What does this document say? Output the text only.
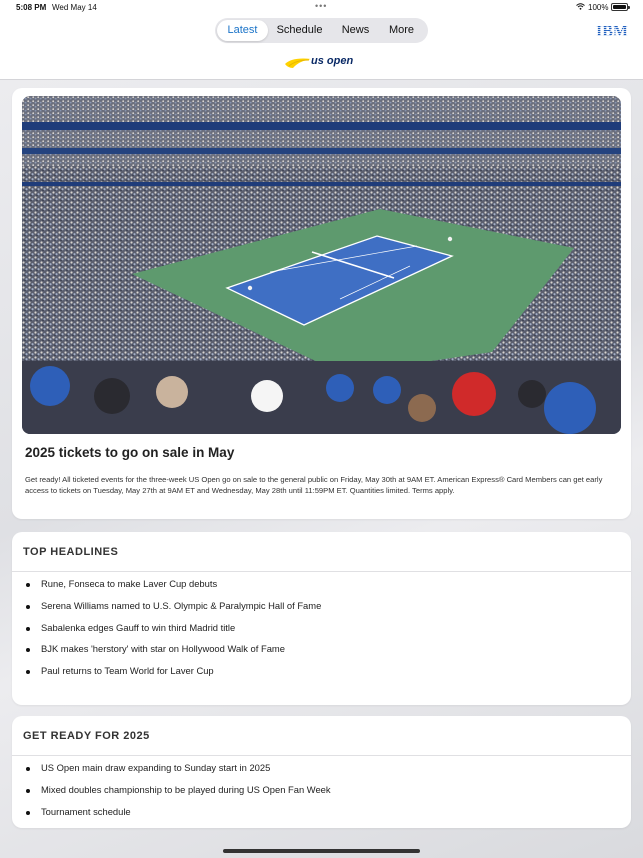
Latest	Schedule	News	More	IBM
us open
5:08 PM Wed May 14	•••	100%
2025 tickets to go on sale in May
Get ready! All ticketed events for the three-week US Open go on sale to the general public on Friday, May 30th at 9AM ET. American Express® Card Members can get early access to tickets on Tuesday, May 27th at 9AM ET and Wednesday, May 28th until 11:59PM ET. Quantities limited. Terms apply.
TOP HEADLINES
Rune, Fonseca to make Laver Cup debuts
Serena Williams named to U.S. Olympic & Paralympic Hall of Fame
Sabalenka edges Gauff to win third Madrid title
BJK makes 'herstory' with star on Hollywood Walk of Fame
Paul returns to Team World for Laver Cup
GET READY FOR 2025
US Open main draw expanding to Sunday start in 2025
Mixed doubles championship to be played during US Open Fan Week
Tournament schedule
